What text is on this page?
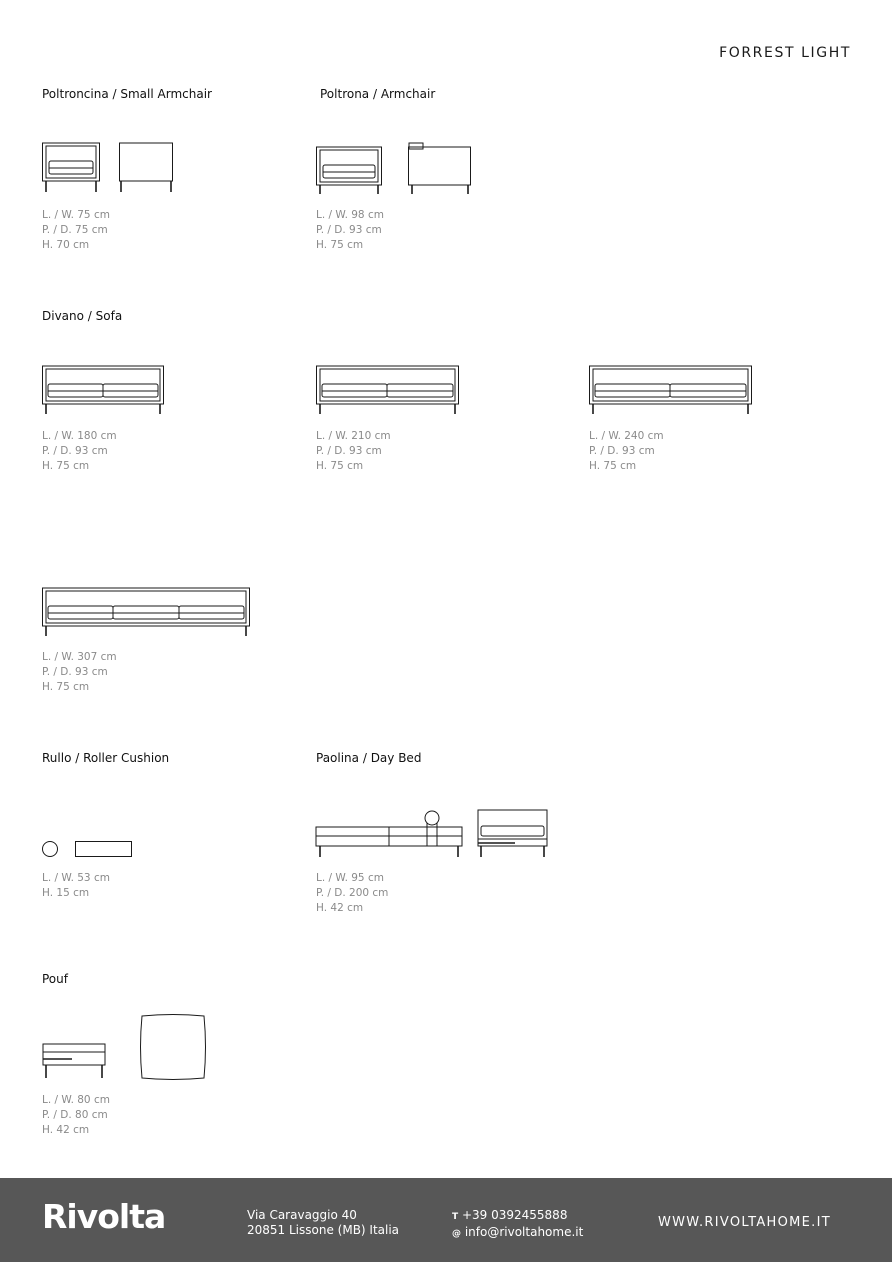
FORREST LIGHT
Poltroncina / Small Armchair
L. / W. 75 cm
P. / D. 75 cm
H. 70 cm
Poltrona / Armchair
L. / W. 98 cm
P. / D. 93 cm
H. 75 cm
Divano / Sofa
L. / W. 180 cm
P. / D. 93 cm
H. 75 cm
L. / W. 210 cm
P. / D. 93 cm
H. 75 cm
L. / W. 240 cm
P. / D. 93 cm
H. 75 cm
L. / W. 307 cm
P. / D. 93 cm
H. 75 cm
Rullo / Roller Cushion
L. / W. 53 cm
H. 15 cm
Paolina / Day Bed
L. / W. 95 cm
P. / D. 200 cm
H. 42 cm
Pouf
L. / W. 80 cm
P. / D. 80 cm
H. 42 cm
Rivolta	Via Caravaggio 40
20851 Lissone (MB) Italia
T +39 0392455888
@ info@rivoltahome.it
WWW.RIVOLTAHOME.IT
